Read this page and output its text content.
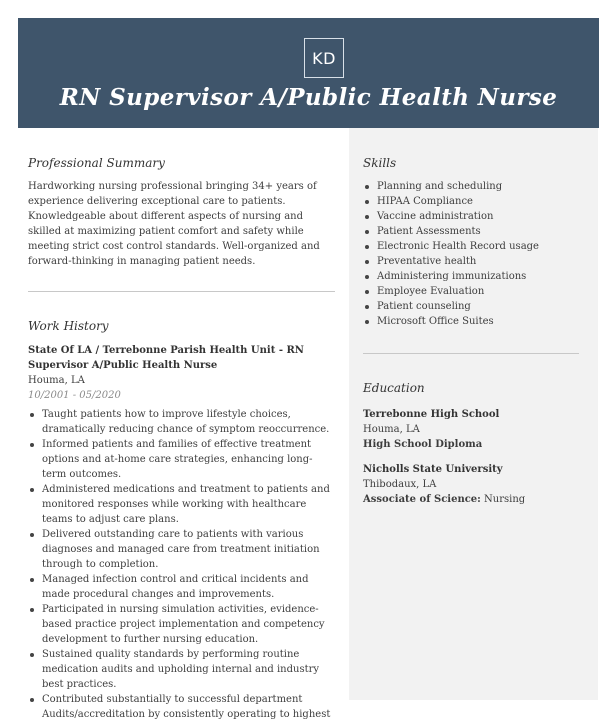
KD
RN Supervisor A/Public Health Nurse
Professional Summary
Hardworking nursing professional bringing 34+ years of experience delivering exceptional care to patients. Knowledgeable about different aspects of nursing and skilled at maximizing patient comfort and safety while meeting strict cost control standards. Well-organized and forward-thinking in managing patient needs.
Work History
State Of LA / Terrebonne Parish Health Unit - RN Supervisor A/Public Health Nurse
Houma, LA
10/2001 - 05/2020
Taught patients how to improve lifestyle choices, dramatically reducing chance of symptom reoccurrence.
Informed patients and families of effective treatment options and at-home care strategies, enhancing long-term outcomes.
Administered medications and treatment to patients and monitored responses while working with healthcare teams to adjust care plans.
Delivered outstanding care to patients with various diagnoses and managed care from treatment initiation through to completion.
Managed infection control and critical incidents and made procedural changes and improvements.
Participated in nursing simulation activities, evidence-based practice project implementation and competency development to further nursing education.
Sustained quality standards by performing routine medication audits and upholding internal and industry best practices.
Contributed substantially to successful department Audits/accreditation by consistently operating to highest
Skills
Planning and scheduling
HIPAA Compliance
Vaccine administration
Patient Assessments
Electronic Health Record usage
Preventative health
Administering immunizations
Employee Evaluation
Patient counseling
Microsoft Office Suites
Education
Terrebonne High School
Houma, LA
High School Diploma
Nicholls State University
Thibodaux, LA
Associate of Science: Nursing
